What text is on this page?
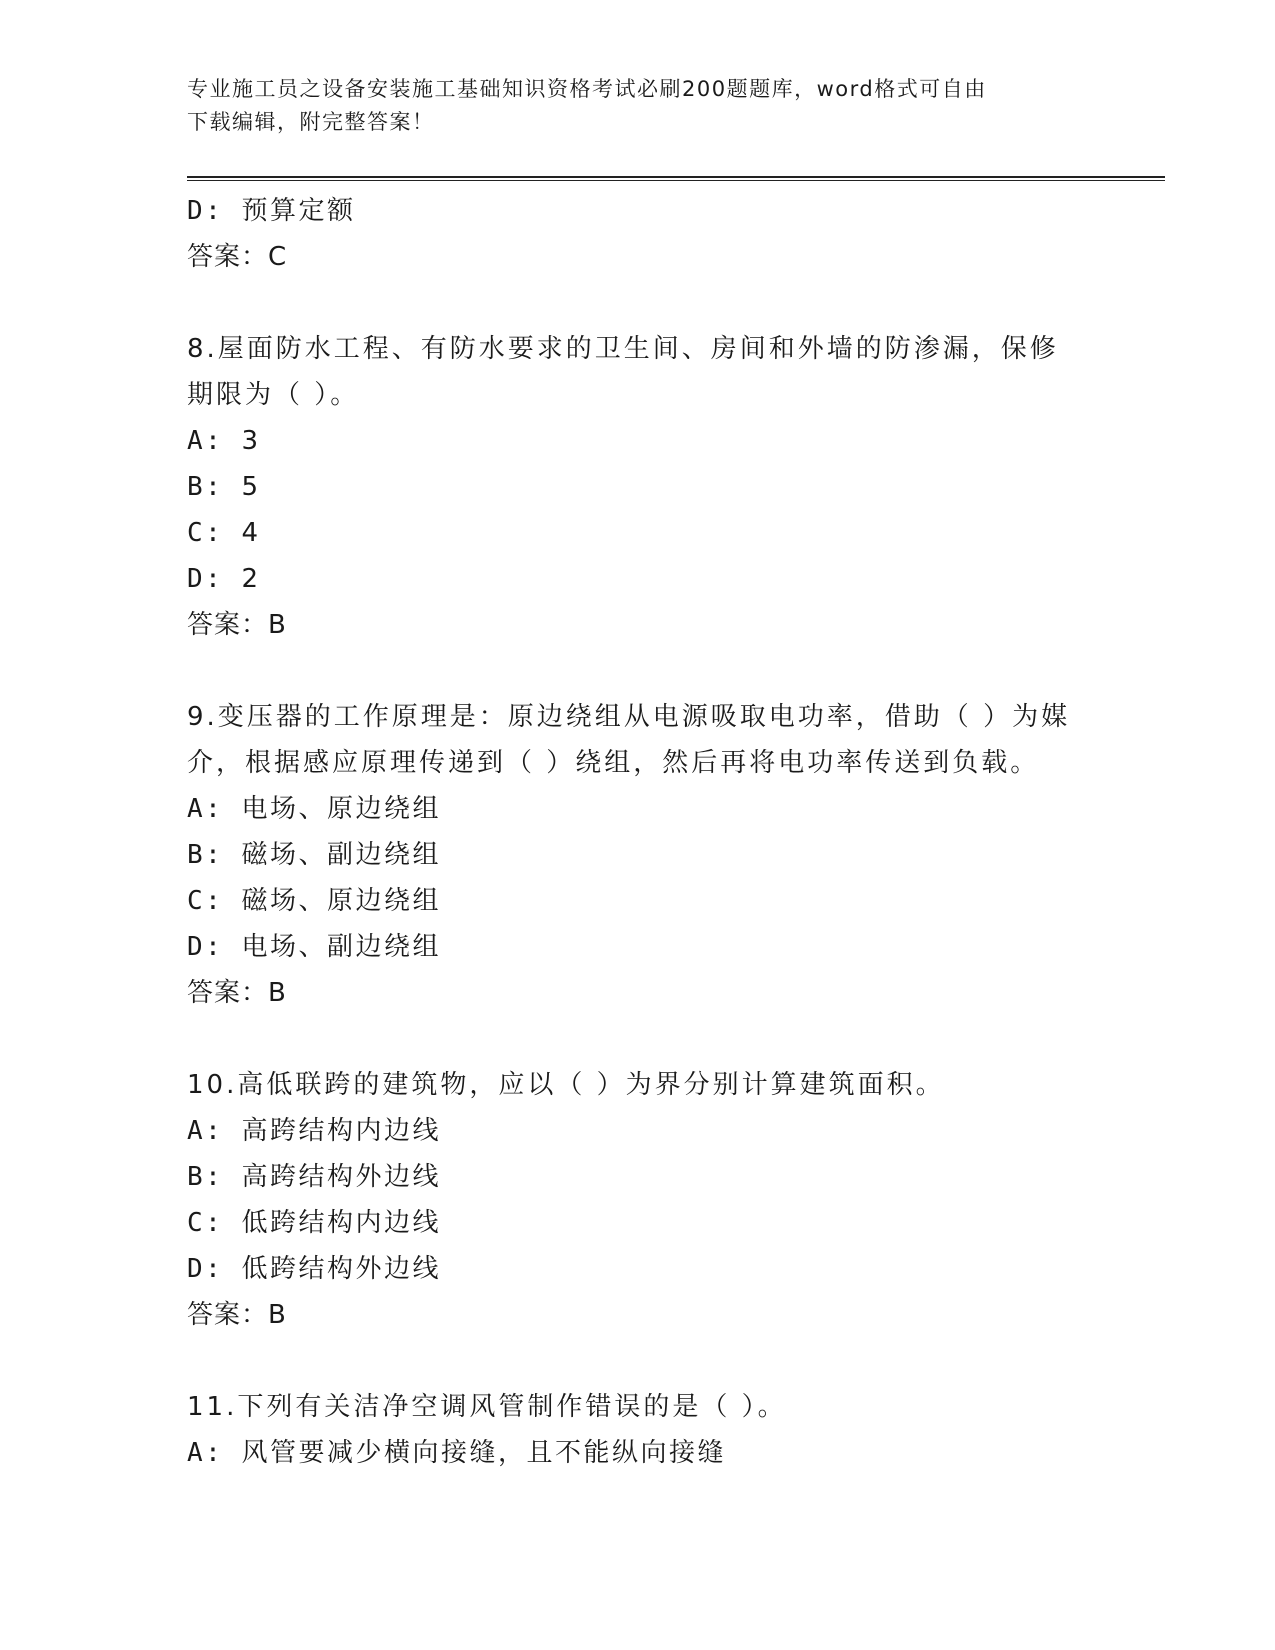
专业施工员之设备安装施工基础知识资格考试必刷200题题库，word格式可自由
下载编辑，附完整答案！
D: 预算定额
答案：C
8.屋面防水工程、有防水要求的卫生间、房间和外墙的防渗漏，保修期限为（ ）。
A: 3
B: 5
C: 4
D: 2
答案：B
9.变压器的工作原理是：原边绕组从电源吸取电功率，借助（ ）为媒介，根据感应原理传递到（ ）绕组，然后再将电功率传送到负载。
A: 电场、原边绕组
B: 磁场、副边绕组
C: 磁场、原边绕组
D: 电场、副边绕组
答案：B
10.高低联跨的建筑物，应以（ ）为界分别计算建筑面积。
A: 高跨结构内边线
B: 高跨结构外边线
C: 低跨结构内边线
D: 低跨结构外边线
答案：B
11.下列有关洁净空调风管制作错误的是（ ）。
A: 风管要减少横向接缝，且不能纵向接缝
